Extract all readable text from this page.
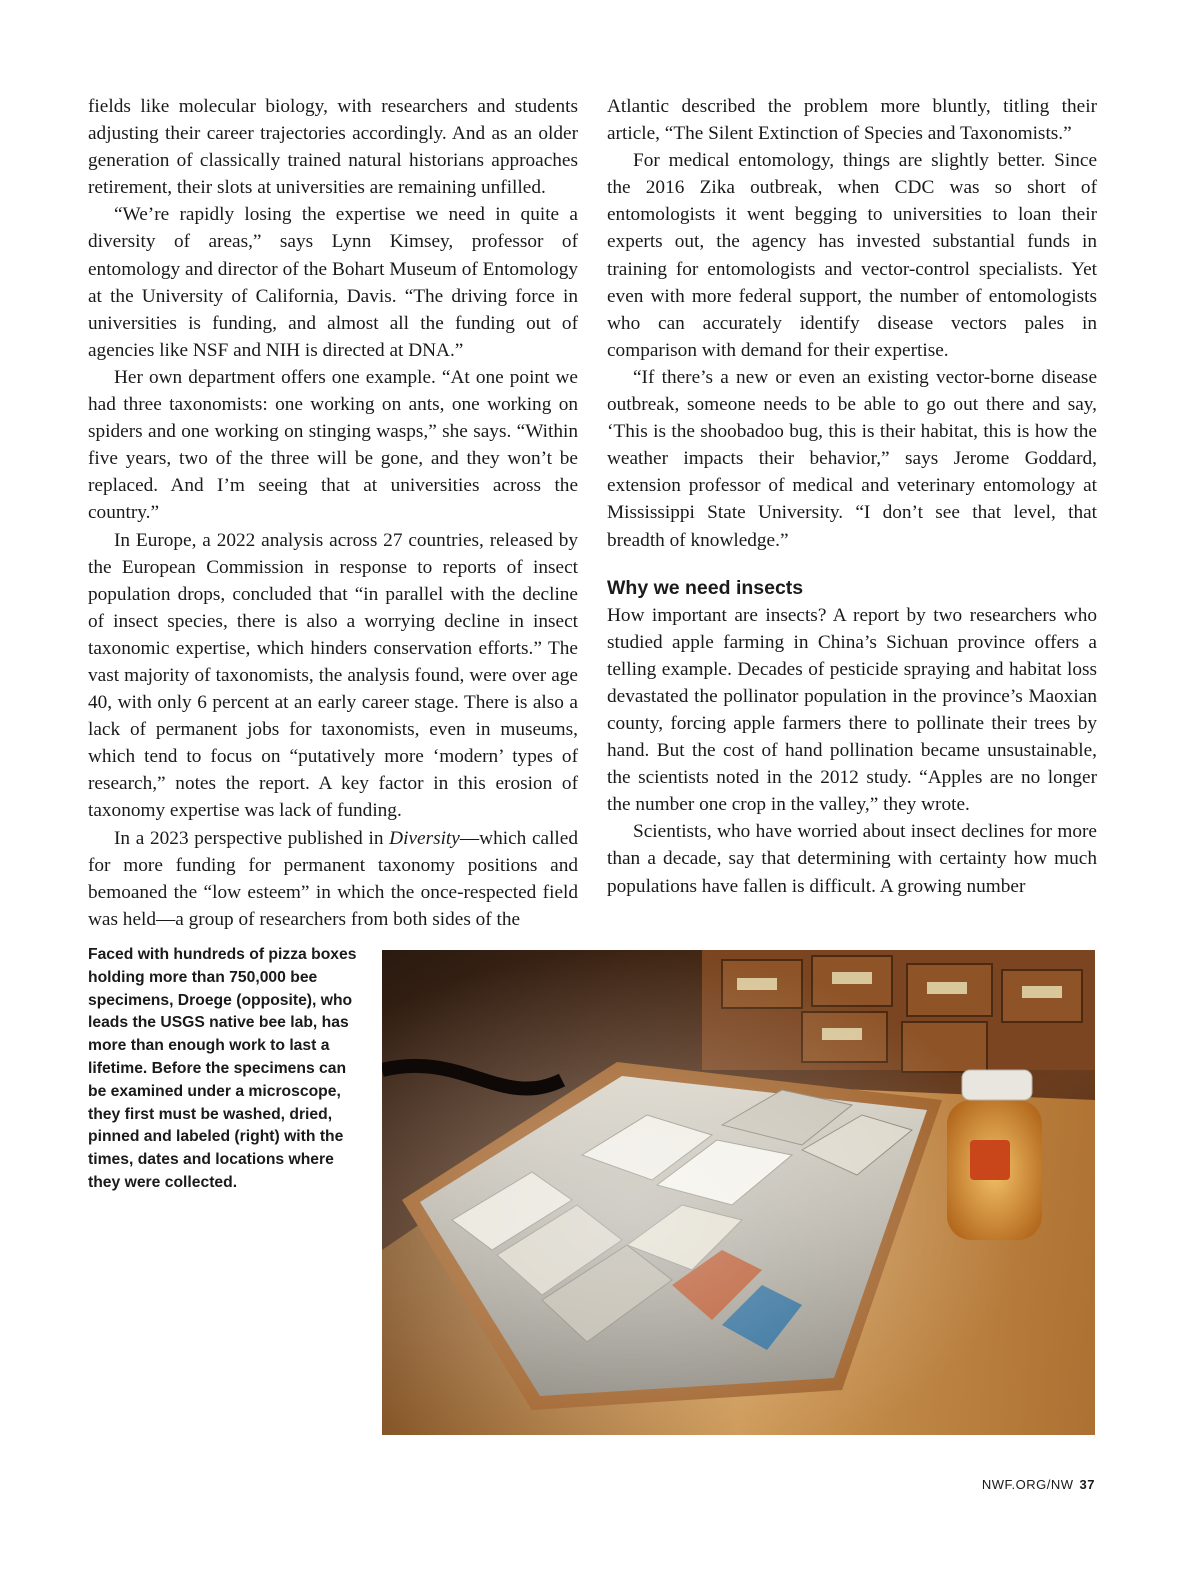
fields like molecular biology, with researchers and students adjusting their career trajectories accordingly. And as an older generation of classically trained natural historians approaches retirement, their slots at universities are remaining unfilled.

“We’re rapidly losing the expertise we need in quite a diversity of areas,” says Lynn Kimsey, professor of entomology and director of the Bohart Museum of Entomology at the University of California, Davis. “The driving force in universities is funding, and almost all the funding out of agencies like NSF and NIH is directed at DNA.”

Her own department offers one example. “At one point we had three taxonomists: one working on ants, one working on spiders and one working on stinging wasps,” she says. “Within five years, two of the three will be gone, and they won’t be replaced. And I’m seeing that at universities across the country.”

In Europe, a 2022 analysis across 27 countries, released by the European Commission in response to reports of insect population drops, concluded that “in parallel with the decline of insect species, there is also a worrying decline in insect taxonomic expertise, which hinders conservation efforts.” The vast majority of taxonomists, the analysis found, were over age 40, with only 6 percent at an early career stage. There is also a lack of permanent jobs for taxonomists, even in museums, which tend to focus on “putatively more ‘modern’ types of research,” notes the report. A key factor in this erosion of taxonomy expertise was lack of funding.

In a 2023 perspective published in Diversity—which called for more funding for permanent taxonomy positions and bemoaned the “low esteem” in which the once-respected field was held—a group of researchers from both sides of the

Atlantic described the problem more bluntly, titling their article, “The Silent Extinction of Species and Taxonomists.”

For medical entomology, things are slightly better. Since the 2016 Zika outbreak, when CDC was so short of entomologists it went begging to universities to loan their experts out, the agency has invested substantial funds in training for entomologists and vector-control specialists. Yet even with more federal support, the number of entomologists who can accurately identify disease vectors pales in comparison with demand for their expertise.

“If there’s a new or even an existing vector-borne disease outbreak, someone needs to be able to go out there and say, ‘This is the shoobadoo bug, this is their habitat, this is how the weather impacts their behavior,” says Jerome Goddard, extension professor of medical and veterinary entomology at Mississippi State University. “I don’t see that level, that breadth of knowledge.”

Why we need insects

How important are insects? A report by two researchers who studied apple farming in China’s Sichuan province offers a telling example. Decades of pesticide spraying and habitat loss devastated the pollinator population in the province’s Maoxian county, forcing apple farmers there to pollinate their trees by hand. But the cost of hand pollination became unsustainable, the scientists noted in the 2012 study. “Apples are no longer the number one crop in the valley,” they wrote.

Scientists, who have worried about insect declines for more than a decade, say that determining with certainty how much populations have fallen is difficult. A growing number

Faced with hundreds of pizza boxes holding more than 750,000 bee specimens, Droege (opposite), who leads the USGS native bee lab, has more than enough work to last a lifetime. Before the specimens can be examined under a microscope, they first must be washed, dried, pinned and labeled (right) with the times, dates and locations where they were collected.
NWF.ORG/NW 37
